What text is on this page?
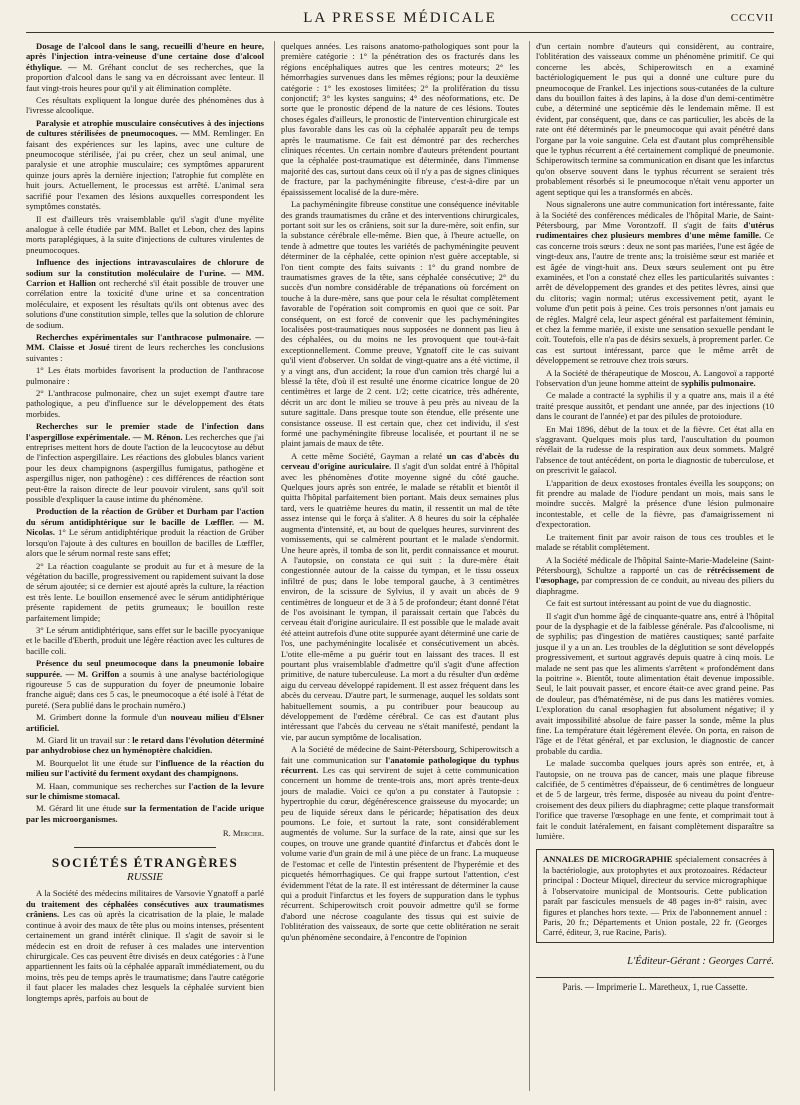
LA PRESSE MÉDICALE	CCCVII

Dosage de l'alcool dans le sang, recueilli d'heure en heure, après l'injection intra-veineuse d'une certaine dose d'alcool éthylique. — M. Gréhant conclut de ses recherches, que la proportion d'alcool dans le sang va en décroissant avec lenteur. Il faut vingt-trois heures pour qu'il y ait élimination complète.

Ces résultats expliquent la longue durée des phénomènes dus à l'ivresse alcoolique.

Paralysie et atrophie musculaire consécutives à des injections de cultures stérilisées de pneumocoques. — MM. Remlinger. En faisant des expériences sur les lapins, avec une culture de pneumocoque stérilisée, j'ai pu créer, chez un seul animal, une paralysie et une atrophie musculaire; ces symptômes apparurent quinze jours après la dernière injection; l'atrophie fut complète en huit jours. Actuellement, le processus est arrêté. L'animal sera sacrifié pour l'examen des lésions auxquelles correspondent les symptômes constatés.

Il est d'ailleurs très vraisemblable qu'il s'agit d'une myélite analogue à celle étudiée par MM. Ballet et Lebon, chez des lapins morts paraplégiques, à la suite d'injections de cultures virulentes de pneumocoques.

Influence des injections intravasculaires de chlorure de sodium sur la constitution moléculaire de l'urine. — MM. Carrion et Hallion ont recherché s'il était possible de trouver une corrélation entre la toxicité d'une urine et sa concentration moléculaire, et exposent les résultats qu'ils ont obtenus avec des solutions d'une constitution simple, telles que la solution de chlorure de sodium.

Recherches expérimentales sur l'anthracose pulmonaire. — MM. Claisse et Josué tirent de leurs recherches les conclusions suivantes :

1° Les états morbides favorisent la production de l'anthracose pulmonaire :

2° L'anthracose pulmonaire, chez un sujet exempt d'autre tare pathologique, a peu d'influence sur le développement des états morbides.

Recherches sur le premier stade de l'infection dans l'aspergillose expérimentale. — M. Rénon. Les recherches que j'ai entreprises mettent hors de doute l'action de la leucocytose au début de l'infection aspergillaire. Les réactions des globules blancs varient pour les deux champignons (aspergillus fumigatus, pathogène et aspergillus niger, non pathogène) : ces différences de réaction sont peut-être la raison directe de leur pouvoir virulent, sans qu'il soit possible d'expliquer la cause intime du phénomène.

Production de la réaction de Grüber et Durham par l'action du sérum antidiphtérique sur le bacille de Lœffler. — M. Nicolas. 1° Le sérum antidiphtérique produit la réaction de Grüber lorsqu'on l'ajoute à des cultures en bouillon de bacilles de Lœffler, alors que le sérum normal reste sans effet;

2° La réaction coagulante se produit au fur et à mesure de la végétation du bacille, progressivement ou rapidement suivant la dose de sérum ajoutée; si ce dernier est ajouté après la culture, la réaction est très lente. Le bouillon ensemencé avec le sérum antidiphtérique présente rapidement de petits grumeaux; le bouillon reste parfaitement limpide;

3° Le sérum antidiphtérique, sans effet sur le bacille pyocyanique et le bacille d'Eberth, produit une légère réaction avec les cultures de bacille coli.

Présence du seul pneumocoque dans la pneumonie lobaire suppurée. — M. Griffon a soumis à une analyse bactériologique rigoureuse 5 cas de suppuration du foyer de pneumonie lobaire franche aiguë; dans ces 5 cas, le pneumocoque a été isolé à l'état de pureté. (Sera publié dans le prochain numéro.)

M. Grimbert donne la formule d'un nouveau milieu d'Elsner artificiel.

M. Giard lit un travail sur : le retard dans l'évolution déterminé par anhydrobiose chez un hyménoptère chalcidien.

M. Bourquelot lit une étude sur l'influence de la réaction du milieu sur l'activité du ferment oxydant des champignons.

M. Haan, communique ses recherches sur l'action de la levure sur le chimisme stomacal.

M. Gérard lit une étude sur la fermentation de l'acide urique par les microorganismes.

R. Mercier.
SOCIÉTÉS ÉTRANGÈRES
RUSSIE

A la Société des médecins militaires de Varsovie Ygnatoff a parlé du traitement des céphalées consécutives aux traumatismes crâniens. Les cas où après la cicatrisation de la plaie, le malade continue à avoir des maux de tête plus ou moins intenses, présentent certainement un grand intérêt clinique. Il s'agit de savoir si le médecin est en droit de refuser à ces malades une intervention chirurgicale. Ces cas peuvent être divisés en deux catégories : à l'une appartiennent les faits où la céphalée apparaît immédiatement, ou du moins, très peu de temps après le traumatisme; dans l'autre catégorie il faut placer les malades chez lesquels la céphalée survient bien longtemps après, parfois au bout de

quelques années. Les raisons anatomo-pathologiques sont pour la première catégorie : 1° la pénétration des os fracturés dans les régions encéphaliques autres que les centres moteurs; 2° les hémorrhagies survenues dans les mêmes régions; pour la deuxième catégorie : 1° les exostoses limitées; 2° la prolifération du tissu conjonctif; 3° les kystes sanguins; 4° des néoformations, etc. De sorte que le pronostic dépend de la nature de ces lésions. Toutes choses égales d'ailleurs, le pronostic de l'intervention chirurgicale est plus favorable dans les cas où la céphalée apparaît peu de temps après le traumatisme. Ce fait est démontré par des recherches cliniques récentes. Un certain nombre d'auteurs prétendent pourtant que la céphalée post-traumatique est déterminée, dans l'immense majorité des cas, surtout dans ceux où il n'y a pas de signes cliniques de fracture, par la pachyméningite fibreuse, c'est-à-dire par un épaississement localisé de la dure-mère.

La pachyméningite fibreuse constitue une conséquence inévitable des grands traumatismes du crâne et des interventions chirurgicales, portant soit sur les os crâniens, soit sur la dure-mère, soit enfin, sur la substance cérébrale elle-même. Bien que, à l'heure actuelle, on tende à admettre que toutes les variétés de pachyméningite peuvent déterminer de la céphalée, cette opinion n'est guère acceptable, si l'on tient compte des faits suivants : 1° du grand nombre de traumatismes graves de la tête, sans céphalée consécutive; 2° du succès d'un nombre considérable de trépanations où forcément on touche à la dure-mère, sans que pour cela le résultat complètement favorable de l'opération soit compromis en quoi que ce soit. Par conséquent, on est forcé de convenir que les pachyméningites localisées post-traumatiques nous supposées ne donnent pas lieu à des céphalées, ou du moins ne les provoquent que tout-à-fait exceptionnellement. Comme preuve, Ygnatoff cite le cas suivant qu'il vient d'observer. Un soldat de vingt-quatre ans a été victime, il y a vingt ans, d'un accident; la roue d'un camion très chargé lui a blessé la tête, d'où il est resulté une énorme cicatrice longue de 20 centimètres et large de 2 cent. 1/2; cette cicatrice, très adhérente, décrit un arc dont le milieu se trouve à peu près au niveau de la suture sagittale. Dans presque toute son étendue, elle présente une consistance osseuse. Il est certain que, chez cet individu, il s'est formé une pachyméningite fibreuse localisée, et pourtant il ne se plaint jamais de maux de tête.

A cette même Société, Gayman a relaté un cas d'abcès du cerveau d'origine auriculaire. Il s'agit d'un soldat entré à l'hôpital avec les phénomènes d'otite moyenne signé du côté gauche. Quelques jours après son entrée, le malade se rétablit et bientôt il quitta l'hôpital parfaitement bien portant. Mais deux semaines plus tard, vers le quatrième heures du matin, il ressentit un mal de tête assez intense qui le força à s'aliter. A 8 heures du soir la céphalée augmenta d'intensité, et, au bout de quelques heures, survinrent des vomissements, qui se calmèrent pourtant et le malade s'endormit. Une heure après, il tomba de son lit, perdit connaissance et mourut. A l'autopsie, on constata ce qui suit : la dure-mère était congestionnée autour de la caisse du tympan, et le tissu osseux infiltré de pus; dans le lobe temporal gauche, à 3 centimètres environ, de la scissure de Sylvius, il y avait un abcès de 9 centimètres de longueur et de 3 à 5 de profondeur; étant donné l'état de l'os avoisinant le tympan, il paraissait certain que l'abcès du cerveau était d'origine auriculaire. Il est possible que le malade avait été atteint autrefois d'une otite suppurée ayant déterminé une carie de l'os, une pachyméningite localisée et consécutivement un abcès. L'otite elle-même a pu guérir tout en laissant des traces. Il est pourtant plus vraisemblable d'admettre qu'il s'agit d'une affection primitive, de nature tuberculeuse. La mort a du résulter d'un œdème aigu du cerveau développé rapidement. Il est assez fréquent dans les abcès du cerveau. D'autre part, le surmenage, auquel les soldats sont habituellement soumis, a pu contribuer pour beaucoup au développement de l'œdème cérébral. Ce cas est d'autant plus intéressant que l'abcès du cerveau ne s'était manifesté, pendant la vie, par aucun symptôme de localisation.

A la Société de médecine de Saint-Pétersbourg, Schiperowitsch a fait une communication sur l'anatomie pathologique du typhus récurrent. Les cas qui servirent de sujet à cette communication concernent un homme de trente-trois ans, mort après trente-deux jours de maladie. Voici ce qu'on a pu constater à l'autopsie : hypertrophie du cœur, dégénérescence graisseuse du myocarde; un peu de liquide séreux dans le péricarde; hépatisation des deux poumons. Le foie, et surtout la rate, sont considérablement augmentés de volume. Sur la surface de la rate, ainsi que sur les coupes, on trouve une grande quantité d'infarctus et d'abcès dont le volume varie d'un grain de mil à une pièce de un franc. La muqueuse de l'estomac et celle de l'intestin présentent de l'hyperémie et des picquetés hémorrhagiques. Ce qui frappe surtout l'attention, c'est évidemment l'état de la rate. Il est intéressant de déterminer la cause qui a produit l'infarctus et les foyers de suppuration dans le typhus récurrent. Schiperowitsch croit pouvoir admettre qu'il se forme d'abord une nécrose coagulante des tissus qui est suivie de l'oblitération des vaisseaux, de sorte que cette oblitération ne serait qu'un phénomène secondaire, à l'encontre de l'opinion

d'un certain nombre d'auteurs qui considèrent, au contraire, l'oblitération des vaisseaux comme un phénomène primitif. Ce qui concerne les abcès, Schiperowitsch en a examiné bactériologiquement le pus qui a donné une culture pure du pneumocoque de Frankel. Les injections sous-cutanées de la culture dans du bouillon faites à des lapins, à la dose d'un demi-centimètre cube, a déterminé une septicémie dès le lendemain même. Il est évident, par conséquent, que, dans ce cas particulier, les abcès de la rate ont été déterminés par le pneumocoque qui avait pénétré dans l'organe par la voie sanguine. Cela est d'autant plus compréhensible que le typhus récurrent a été certainement compliqué de pneumonie. Schiperowitsch termine sa communication en disant que les infarctus qu'on observe souvent dans le typhus récurrent se seraient très probablement résorbés si le pneumocoque n'était venu apporter un agent septique qui les a transformés en abcès.

Nous signalerons une autre communication fort intéressante, faite à la Société des conférences médicales de l'hôpital Marie, de Saint-Pétersbourg, par Mme Vorontzoff. Il s'agit de faits d'utérus rudimentaires chez plusieurs membres d'une même famille. Ce cas concerne trois sœurs : deux ne sont pas mariées, l'une est âgée de vingt-deux ans, l'autre de trente ans; la troisième sœur est mariée et est âgée de vingt-huit ans. Deux sœurs seulement ont pu être examinées, et l'on a constaté chez elles les particularités suivantes : arrêt de développement des grandes et des petites lèvres, ainsi que du clitoris; vagin normal; utérus excessivement petit, ayant le volume d'un petit pois à peine. Ces trois personnes n'ont jamais eu de règles. Malgré cela, leur aspect général est parfaitement féminin, et chez la femme mariée, il existe une sensation sexuelle pendant le coït. Toutefois, elle n'a pas de désirs sexuels, à proprement parler. Ce cas est surtout intéressant, parce que le même arrêt de développement se retrouve chez trois sœurs.

A la Société de thérapeutique de Moscou, A. Langovoï a rapporté l'observation d'un jeune homme atteint de syphilis pulmonaire.

Ce malade a contracté la syphilis il y a quatre ans, mais il a été traité presque aussitôt, et pendant une année, par des injections (10 dans le courant de l'année) et par des pilules de protoiodure.

En Mai 1896, début de la toux et de la fièvre. Cet état alla en s'aggravant. Quelques mois plus tard, l'auscultation du poumon révélait de la rudesse de la respiration aux deux sommets. Malgré l'absence de tout antécédent, on porta le diagnostic de tuberculose, et on prescrivit le gaïacol.

L'apparition de deux exostoses frontales éveilla les soupçons; on fit prendre au malade de l'iodure pendant un mois, mais sans le moindre succès. Malgré la présence d'une lésion pulmonaire incontestable, et celle de la fièvre, pas d'amaigrissement ni d'expectoration.

Le traitement finit par avoir raison de tous ces troubles et le malade se rétablit complètement.

A la Société médicale de l'hôpital Sainte-Marie-Madeleine (Saint-Pétersbourg), Schultze a rapporté un cas de rétrécissement de l'œsophage, par compression de ce conduit, au niveau des piliers du diaphragme.

Ce fait est surtout intéressant au point de vue du diagnostic.

Il s'agit d'un homme âgé de cinquante-quatre ans, entré à l'hôpital pour de la dysphagie et de la faiblesse générale. Pas d'alcoolisme, ni de syphilis; pas d'ingestion de matières caustiques; santé parfaite jusque il y a un an. Les troubles de la déglutition se sont développés progressivement, et surtout aggravés depuis quatre à cinq mois. Le malade ne sent pas que les aliments s'arrêtent « profondément dans la poitrine ». Bientôt, toute alimentation était devenue impossible. Seul, le lait pouvait passer, et encore était-ce avec grand peine. Pas de douleur, pas d'hématémèse, ni de pus dans les matières vomies. L'exploration du canal œsophagien fut absolument négative; il y avait impossibilité absolue de faire passer la sonde, même la plus fine. La température était légèrement élevée. On porta, en raison de l'âge et de l'état général, et par exclusion, le diagnostic de cancer probable du cardia.

Le malade succomba quelques jours après son entrée, et, à l'autopsie, on ne trouva pas de cancer, mais une plaque fibreuse calcifiée, de 5 centimètres d'épaisseur, de 6 centimètres de longueur et de 5 de largeur, très ferme, disposée au niveau du point d'entre-croisement des deux piliers du diaphragme; cette plaque transformait l'orifice que traverse l'œsophage en une fente, et comprimait tout à fait le conduit latéralement, en faisant complètement disparaître sa lumière.

ANNALES DE MICROGRAPHIE spécialement consacrées à la bactériologie, aux protophytes et aux protozoaires. Rédacteur principal : Docteur Miquel, directeur du service micrographique à l'observatoire municipal de Montsouris. Cette publication paraît par fascicules mensuels de 48 pages in-8° raisin, avec figures et planches hors texte. — Prix de l'abonnement annuel : Paris, 20 fr.; Départements et Union postale, 22 fr. (Georges Carré, éditeur, 3, rue Racine, Paris).
L'Éditeur-Gérant : Georges Carré.
Paris. — Imprimerie L. Maretheux, 1, rue Cassette.
